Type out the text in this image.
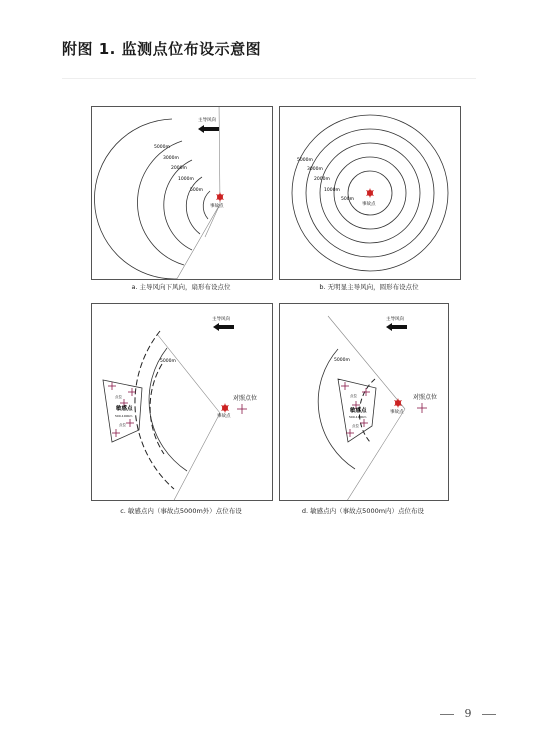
附图 1. 监测点位布设示意图
主导风向
5000m
3000m
2000m
1000m
500m
事故点
a. 主导风向下风向，扇形布设点位
5000m
3000m
2000m
1000m
500m
事故点
b. 无明显主导风向，圆形布设点位
主导风向
5000m
事故点
对照点位
点位
敏感点
500-1000m
点位
c. 敏感点内（事故点5000m外）点位布设
主导风向
5000m
事故点
对照点位
点位
敏感点
500-1000m
点位
d. 敏感点内（事故点5000m内）点位布设
9
